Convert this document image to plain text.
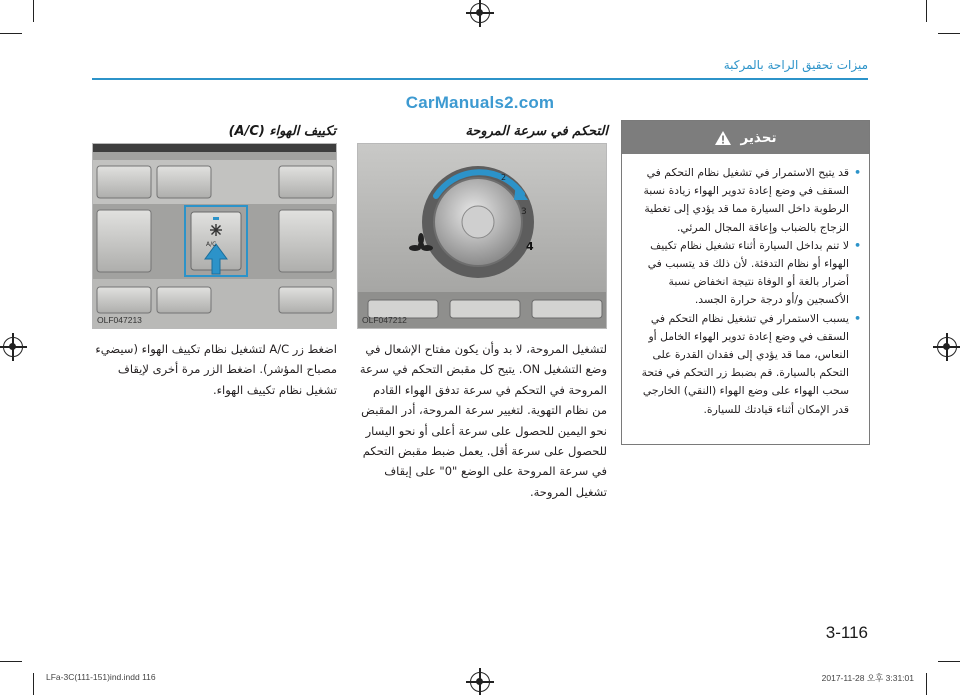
ميزات تحقيق الراحة بالمركبة
CarManuals2.com
تحذير
• قد يتيح الاستمرار في تشغيل نظام التحكم في السقف في وضع إعادة تدوير الهواء زيادة نسبة الرطوبة داخل السيارة مما قد يؤدي إلى تغطية الزجاج بالضباب وإعاقة المجال المرئي.
• لا تنم بداخل السيارة أثناء تشغيل نظام تكييف الهواء أو نظام التدفئة. لأن ذلك قد يتسبب في أضرار بالغة أو الوفاة نتيجة انخفاض نسبة الأكسجين و/أو درجة حرارة الجسد.
• يسبب الاستمرار في تشغيل نظام التحكم في السقف في وضع إعادة تدوير الهواء الخامل أو النعاس، مما قد يؤدي إلى فقدان القدرة على التحكم بالسيارة. قم بضبط زر التحكم في فتحة سحب الهواء على وضع الهواء (النقي) الخارجي قدر الإمكان أثناء قيادتك للسيارة.
التحكم في سرعة المروحة
2
3
4
OLF047212
لتشغيل المروحة، لا بد وأن يكون مفتاح الإشعال في وضع التشغيل ON. يتيح كل مقبض التحكم في سرعة المروحة في التحكم في سرعة تدفق الهواء القادم من نظام التهوية. لتغيير سرعة المروحة، أدر المقبض نحو اليمين للحصول على سرعة أعلى أو نحو اليسار للحصول على سرعة أقل. يعمل ضبط مقبض التحكم في سرعة المروحة على الوضع "0" على إيقاف تشغيل المروحة.
تكييف الهواء (A/C)
A/C
OLF047213
اضغط زر A/C لتشغيل نظام تكييف الهواء (سيضيء مصباح المؤشر). اضغط الزر مرة أخرى لإيقاف تشغيل نظام تكييف الهواء.
3-116
LFa-3C(111-151)ind.indd 116	2017-11-28 오후 3:31:01
